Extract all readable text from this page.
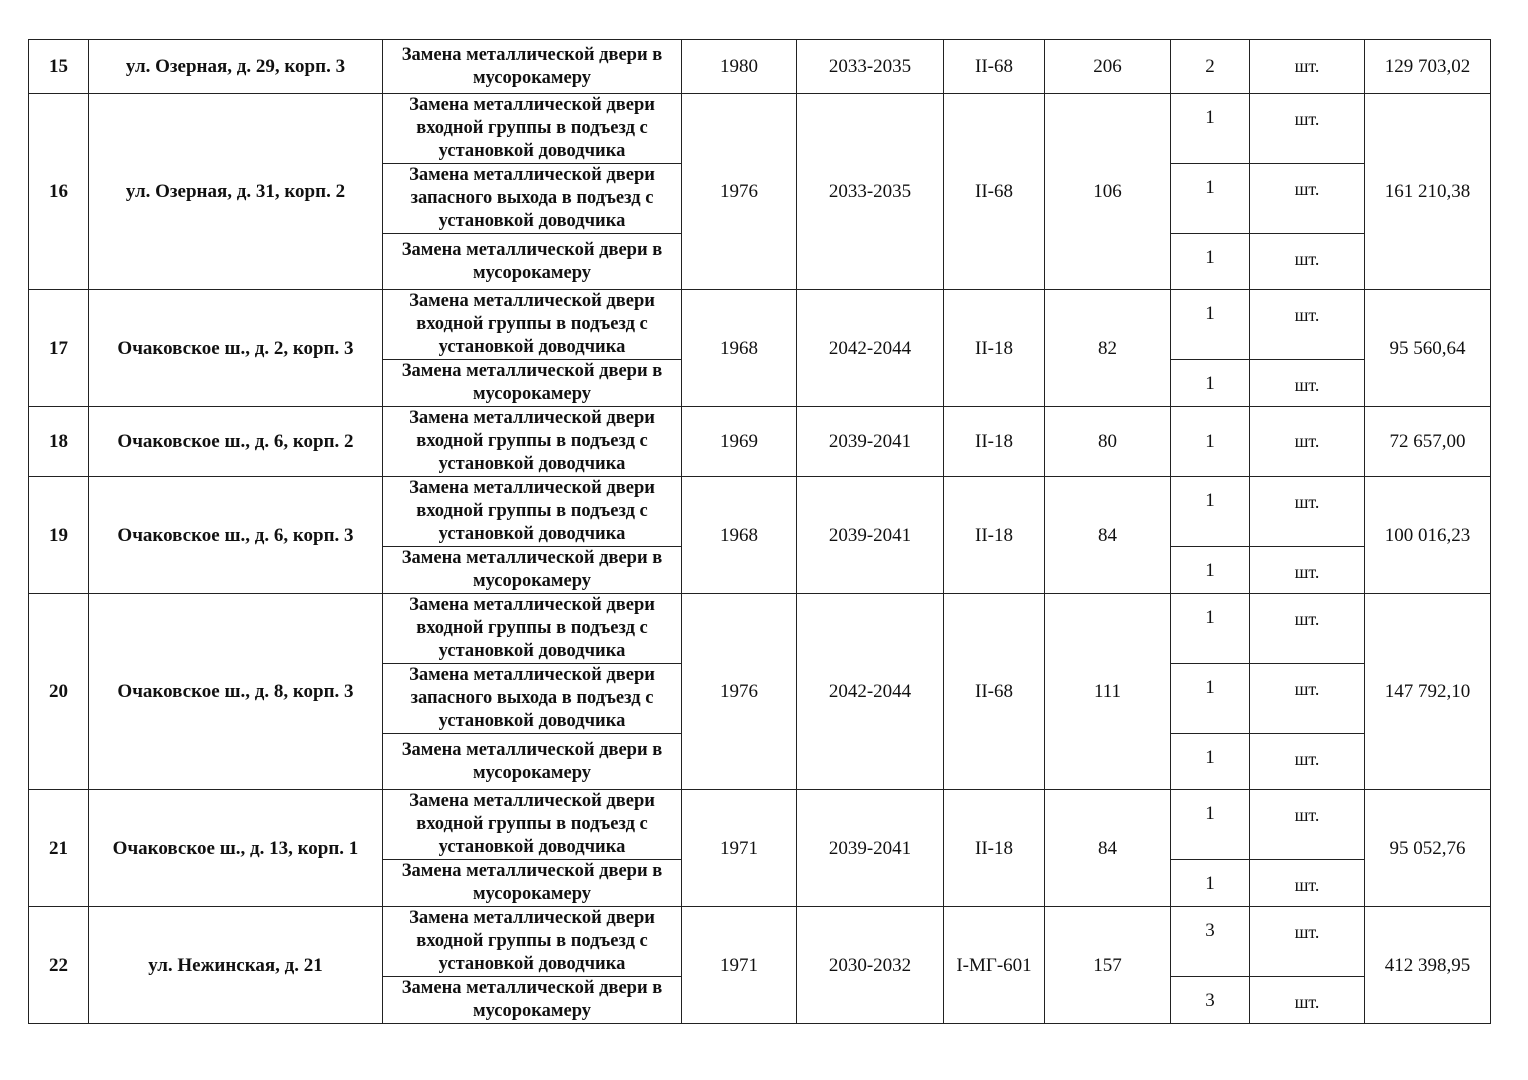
15	ул. Озерная, д. 29, корп. 3	Замена металлической двери в мусорокамеру	1980	2033-2035	II-68	206	2	шт.	129 703,02
16	ул. Озерная, д. 31, корп. 2	Замена металлической двери входной группы в подъезд с установкой доводчика	1976	2033-2035	II-68	106	1	шт.	161 210,38
		Замена металлической двери запасного выхода в подъезд с установкой доводчика					1	шт.	
		Замена металлической двери в мусорокамеру					1	шт.	
17	Очаковское ш., д. 2, корп. 3	Замена металлической двери входной группы в подъезд с установкой доводчика	1968	2042-2044	II-18	82	1	шт.	95 560,64
		Замена металлической двери в мусорокамеру					1	шт.	
18	Очаковское ш., д. 6, корп. 2	Замена металлической двери входной группы в подъезд с установкой доводчика	1969	2039-2041	II-18	80	1	шт.	72 657,00
19	Очаковское ш., д. 6, корп. 3	Замена металлической двери входной группы в подъезд с установкой доводчика	1968	2039-2041	II-18	84	1	шт.	100 016,23
		Замена металлической двери в мусорокамеру					1	шт.	
20	Очаковское ш., д. 8, корп. 3	Замена металлической двери входной группы в подъезд с установкой доводчика	1976	2042-2044	II-68	111	1	шт.	147 792,10
		Замена металлической двери запасного выхода в подъезд с установкой доводчика					1	шт.	
		Замена металлической двери в мусорокамеру					1	шт.	
21	Очаковское ш., д. 13, корп. 1	Замена металлической двери входной группы в подъезд с установкой доводчика	1971	2039-2041	II-18	84	1	шт.	95 052,76
		Замена металлической двери в мусорокамеру					1	шт.	
22	ул. Нежинская, д. 21	Замена металлической двери входной группы в подъезд с установкой доводчика	1971	2030-2032	I-МГ-601	157	3	шт.	412 398,95
		Замена металлической двери в мусорокамеру					3	шт.	
